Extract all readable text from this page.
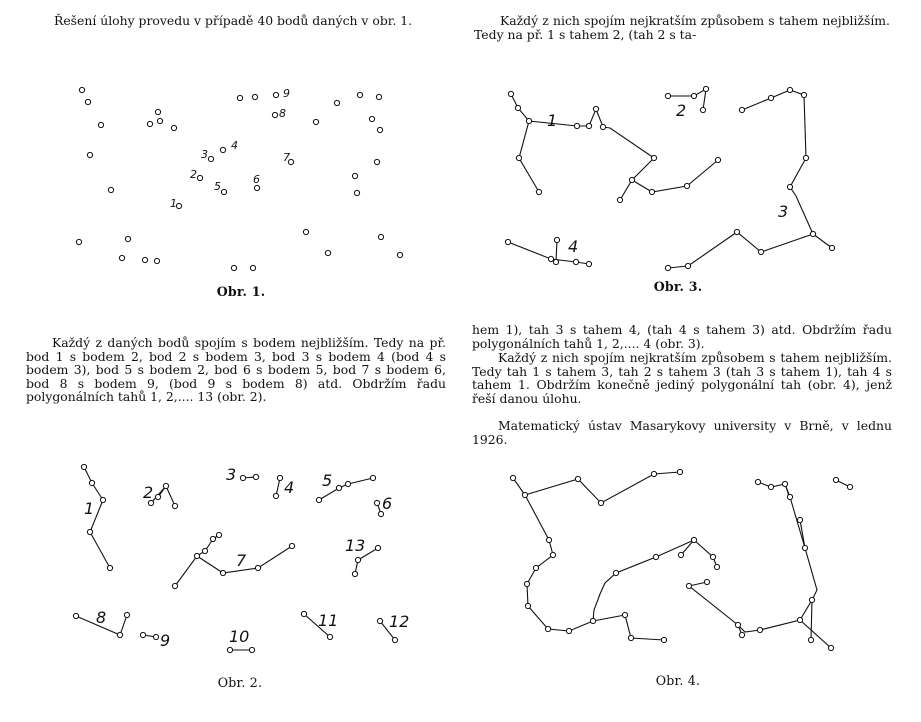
Řešení úlohy provedu v případě 40 bodů daných v obr. 1.	Každý z nich spojím nejkratším způsobem s tahem nejbližším. Tedy na př. 1 s tahem 2, (tah 2 s ta-

1
2
3
4
5
6
7
8
9
Obr. 1.
1
2
3
4
Obr. 3.

Každý z daných bodů spojím s bodem nejbližším. Tedy na př. bod 1 s bodem 2, bod 2 s bodem 3, bod 3 s bodem 4 (bod 4 s bodem 3), bod 5 s bodem 2, bod 6 s bodem 5, bod 7 s bodem 6, bod 8 s bodem 9, (bod 9 s bodem 8) atd. Obdržím řadu polygonálních tahů 1, 2,.... 13 (obr. 2).

hem 1), tah 3 s tahem 4, (tah 4 s tahem 3) atd. Obdržím řadu polygonálních tahů 1, 2,.... 4 (obr. 3).

Každý z nich spojím nejkratším způsobem s tahem nejbližším. Tedy tah 1 s tahem 3, tah 2 s tahem 3 (tah 3 s tahem 1), tah 4 s tahem 1. Obdržím konečně jediný polygonální tah (obr. 4), jenž řeší danou úlohu.

Matematický ústav Masarykovy university v Brně, v lednu 1926.

1
2
3
4 5
6
7
8
9	10
11	12
13
Obr. 2.	Obr. 4.
